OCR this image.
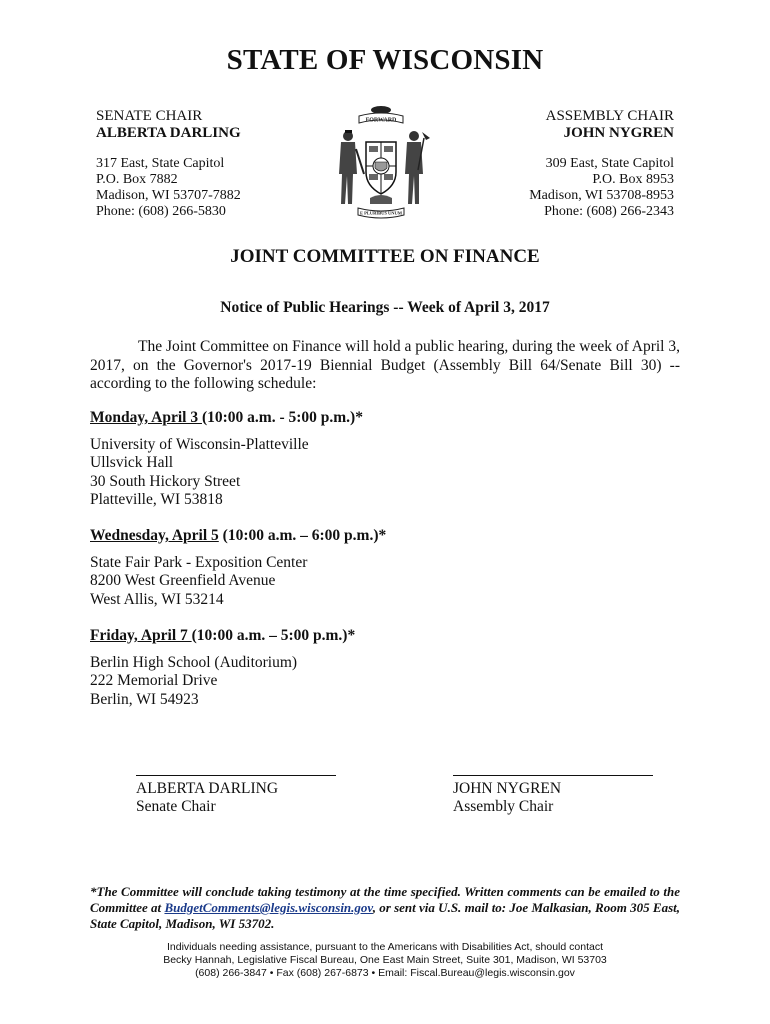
STATE OF WISCONSIN
SENATE CHAIR
ALBERTA DARLING
317 East, State Capitol
P.O. Box 7882
Madison, WI 53707-7882
Phone: (608) 266-5830
ASSEMBLY CHAIR
JOHN NYGREN
309 East, State Capitol
P.O. Box 8953
Madison, WI 53708-8953
Phone: (608) 266-2343
FORWARD
E PLURIBUS UNUM
JOINT COMMITTEE ON FINANCE
Notice of Public Hearings -- Week of April 3, 2017
The Joint Committee on Finance will hold a public hearing, during the week of April 3, 2017, on the Governor's 2017-19 Biennial Budget (Assembly Bill 64/Senate Bill 30) -- according to the following schedule:
Monday, April 3 (10:00 a.m. - 5:00 p.m.)*
University of Wisconsin-Platteville
Ullsvick Hall
30 South Hickory Street
Platteville, WI 53818
Wednesday, April 5 (10:00 a.m. – 6:00 p.m.)*
State Fair Park - Exposition Center
8200 West Greenfield Avenue
West Allis, WI 53214
Friday, April 7 (10:00 a.m. – 5:00 p.m.)*
Berlin High School (Auditorium)
222 Memorial Drive
Berlin, WI 54923
ALBERTA DARLING
Senate Chair
JOHN NYGREN
Assembly Chair
*The Committee will conclude taking testimony at the time specified. Written comments can be emailed to the Committee at BudgetComments@legis.wisconsin.gov, or sent via U.S. mail to: Joe Malkasian, Room 305 East, State Capitol, Madison, WI 53702.
Individuals needing assistance, pursuant to the Americans with Disabilities Act, should contact
Becky Hannah, Legislative Fiscal Bureau, One East Main Street, Suite 301, Madison, WI 53703
(608) 266-3847 • Fax (608) 267-6873 • Email: Fiscal.Bureau@legis.wisconsin.gov
